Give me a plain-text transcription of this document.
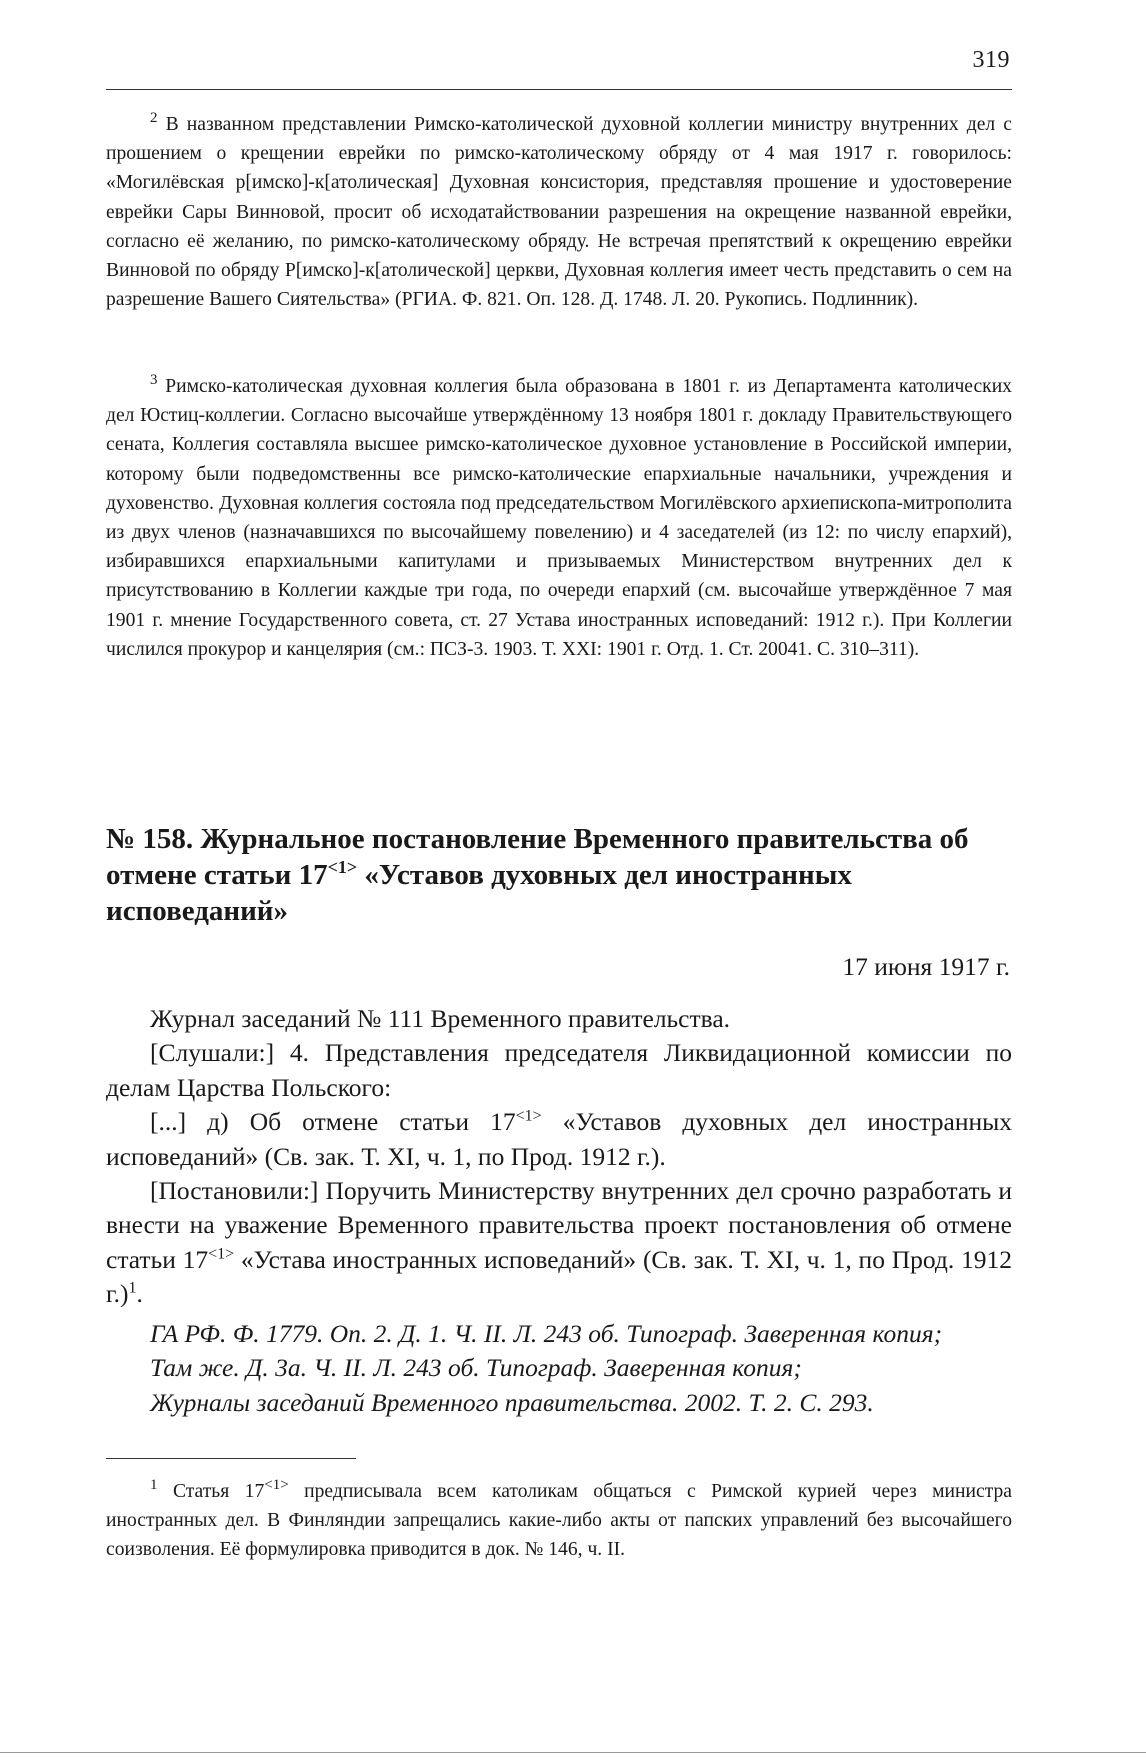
319

$^2$ В названном представлении Римско-католической духовной коллегии министру внутренних дел с прошением о крещении еврейки по римско-католическому обряду от 4 мая 1917 г. говорилось: «Могилёвская р[имско]-к[атолическая] Духовная консистория, представляя прошение и удостоверение еврейки Сары Винновой, просит об исходатайствовании разрешения на окрещение названной еврейки, согласно её желанию, по римско-католическому обряду. Не встречая препятствий к окрещению еврейки Винновой по обряду Р[имско]-к[атолической] церкви, Духовная коллегия имеет честь представить о сем на разрешение Вашего Сиятельства» (РГИА. Ф. 821. Оп. 128. Д. 1748. Л. 20. Рукопись. Подлинник).

$^3$ Римско-католическая духовная коллегия была образована в 1801 г. из Департамента католических дел Юстиц-коллегии. Согласно высочайше утверждённому 13 ноября 1801 г. докладу Правительствующего сената, Коллегия составляла высшее римско-католическое духовное установление в Российской империи, которому были подведомственны все римско-католические епархиальные начальники, учреждения и духовенство. Духовная коллегия состояла под председательством Могилёвского архиепископа-митрополита из двух членов (назначавшихся по высочайшему повелению) и 4 заседателей (из 12: по числу епархий), избиравшихся епархиальными капитулами и призываемых Министерством внутренних дел к присутствованию в Коллегии каждые три года, по очереди епархий (см. высочайше утверждённое 7 мая 1901 г. мнение Государственного совета, ст. 27 Устава иностранных исповеданий: 1912 г.). При Коллегии числился прокурор и канцелярия (см.: ПСЗ-3. 1903. Т. XXI: 1901 г. Отд. 1. Ст. 20041. С. 310–311).

№ 158. Журнальное постановление Временного правительства об отмене статьи $17^{<1>}$ «Уставов духовных дел иностранных исповеданий»
17 июня 1917 г.

Журнал заседаний № 111 Временного правительства.

[Слушали:] 4. Представления председателя Ликвидационной комиссии по делам Царства Польского:

[...] д) Об отмене статьи $17^{<1>}$ «Уставов духовных дел иностранных исповеданий» (Св. зак. Т. XI, ч. 1, по Прод. 1912 г.).

[Постановили:] Поручить Министерству внутренних дел срочно разработать и внести на уважение Временного правительства проект постановления об отмене статьи $17^{<1>}$ «Устава иностранных исповеданий» (Св. зак. Т. XI, ч. 1, по Прод. 1912 г.)$^1$.

ГА РФ. Ф. 1779. Оп. 2. Д. 1. Ч. II. Л. 243 об. Типограф. Заверенная копия;

Там же. Д. 3а. Ч. II. Л. 243 об. Типограф. Заверенная копия;

Журналы заседаний Временного правительства. 2002. Т. 2. С. 293.

$^1$ Статья $17^{<1>}$ предписывала всем католикам общаться с Римской курией через министра иностранных дел. В Финляндии запрещались какие-либо акты от папских управлений без высочайшего соизволения. Её формулировка приводится в док. № 146, ч. II.
